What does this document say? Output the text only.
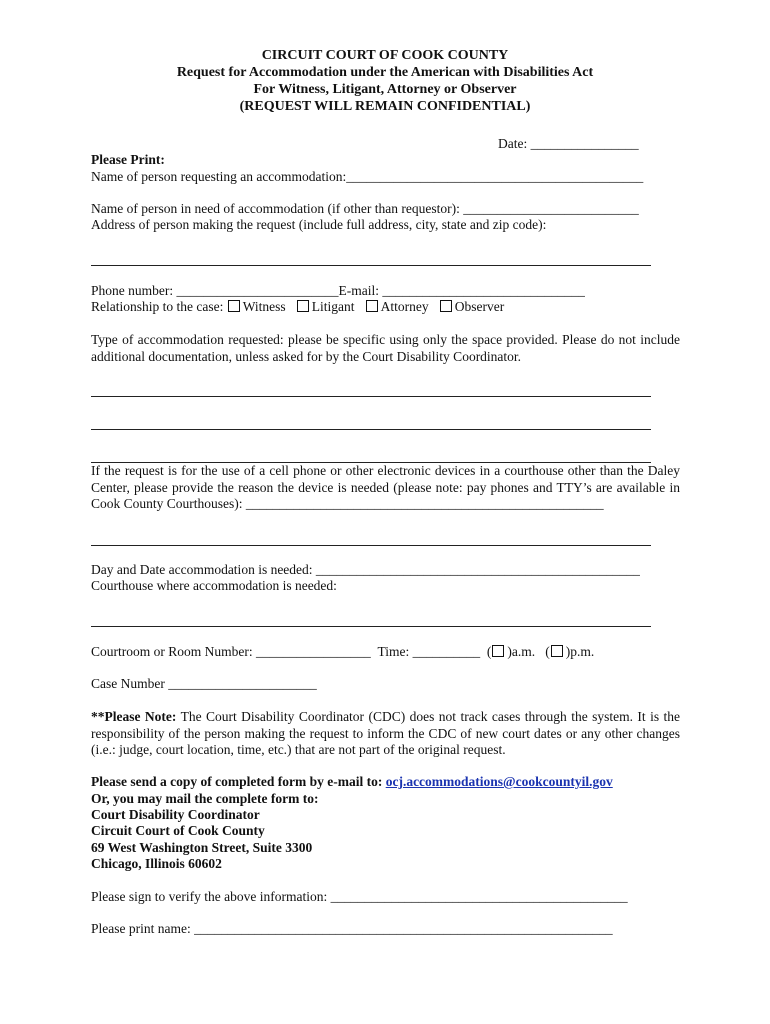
CIRCUIT COURT OF COOK COUNTY
Request for Accommodation under the American with Disabilities Act
For Witness, Litigant, Attorney or Observer
(REQUEST WILL REMAIN CONFIDENTIAL)
Date: ________________
Please Print:
Name of person requesting an accommodation:____________________________________________
Name of person in need of accommodation (if other than requestor): __________________________
Address of person making the request (include full address, city, state and zip code):
Phone number: ________________________E-mail: ______________________________
Relationship to the case: Witness Litigant Attorney Observer
Type of accommodation requested: please be specific using only the space provided. Please do not include additional documentation, unless asked for by the Court Disability Coordinator.
If the request is for the use of a cell phone or other electronic devices in a courthouse other than the Daley Center, please provide the reason the device is needed (please note: pay phones and TTY’s are available in Cook County Courthouses): _____________________________________________________
Day and Date accommodation is needed: ________________________________________________
Courthouse where accommodation is needed:
Courtroom or Room Number: _________________ Time: __________  ( )a.m.   ( )p.m.
Case Number ______________________
**Please Note: The Court Disability Coordinator (CDC) does not track cases through the system. It is the responsibility of the person making the request to inform the CDC of new court dates or any other changes (i.e.: judge, court location, time, etc.) that are not part of the original request.
Please send a copy of completed form by e-mail to: ocj.accommodations@cookcountyil.gov
Or, you may mail the complete form to:
Court Disability Coordinator
Circuit Court of Cook County
69 West Washington Street, Suite 3300
Chicago, Illinois 60602
Please sign to verify the above information: ____________________________________________
Please print name: ______________________________________________________________
